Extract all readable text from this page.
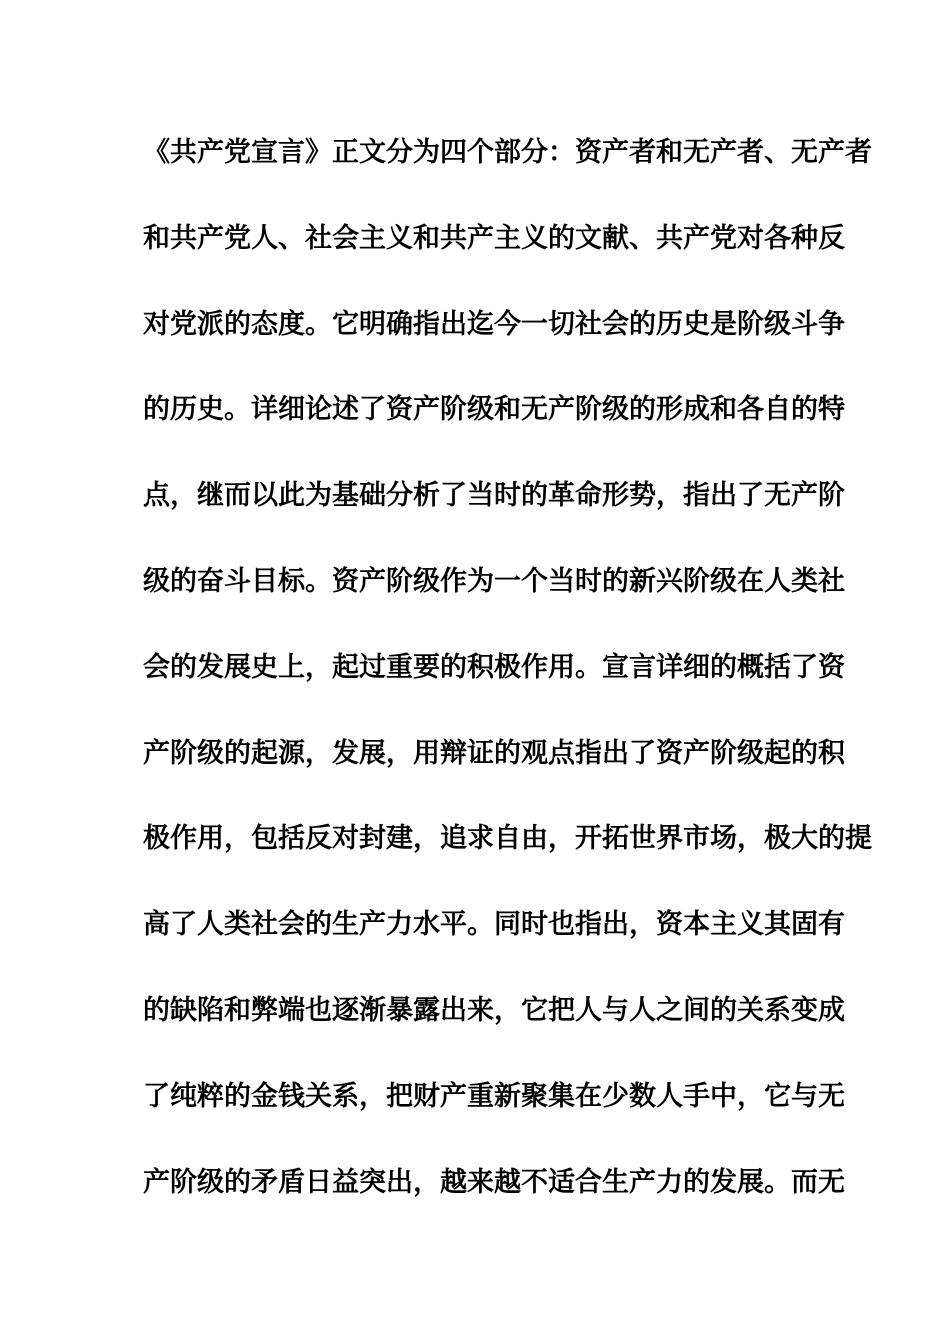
《共产党宣言》正文分为四个部分：资产者和无产者、无产者
和共产党人、社会主义和共产主义的文献、共产党对各种反
对党派的态度。它明确指出迄今一切社会的历史是阶级斗争
的历史。详细论述了资产阶级和无产阶级的形成和各自的特
点，继而以此为基础分析了当时的革命形势，指出了无产阶
级的奋斗目标。资产阶级作为一个当时的新兴阶级在人类社
会的发展史上，起过重要的积极作用。宣言详细的概括了资
产阶级的起源，发展，用辩证的观点指出了资产阶级起的积
极作用，包括反对封建，追求自由，开拓世界市场，极大的提
高了人类社会的生产力水平。同时也指出，资本主义其固有
的缺陷和弊端也逐渐暴露出来，它把人与人之间的关系变成
了纯粹的金钱关系，把财产重新聚集在少数人手中，它与无
产阶级的矛盾日益突出，越来越不适合生产力的发展。而无
